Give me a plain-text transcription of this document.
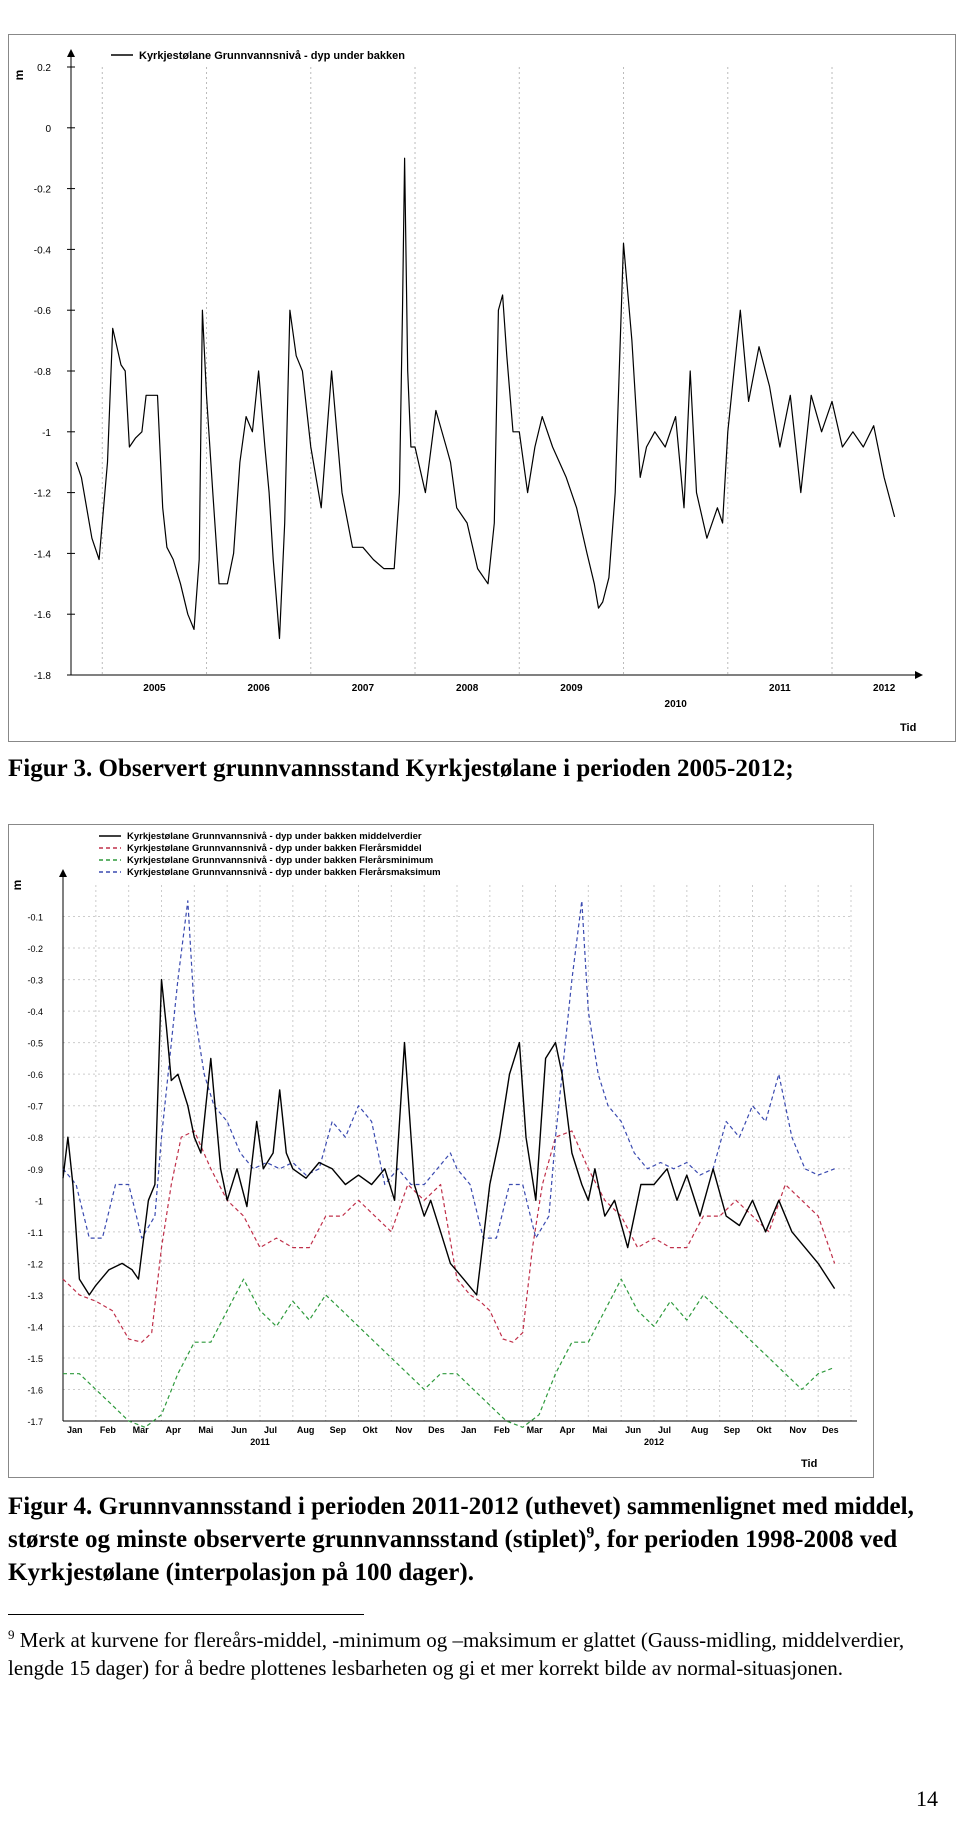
0.2
0
-0.2
-0.4
-0.6
-0.8
-1
-1.2
-1.4
-1.6
-1.8
m
2005	2006	2007	2008	2009
2010
2011	2012
Tid
Kyrkjestølane Grunnvannsnivå - dyp under bakken
Figur 3. Observert grunnvannsstand Kyrkjestølane i perioden 2005-2012;
-0.1
-0.2
-0.3
-0.4
-0.5
-0.6
-0.7
-0.8
-0.9
-1
-1.1
-1.2
-1.3
-1.4
-1.5
-1.6
-1.7
m
Jan Feb Mar Apr Mai Jun Jul Aug Sep Okt Nov Des Jan Feb Mar Apr Mai Jun Jul Aug Sep Okt Nov Des
2011	2012
Tid
Kyrkjestølane Grunnvannsnivå - dyp under bakken middelverdier
Kyrkjestølane Grunnvannsnivå - dyp under bakken Flerårsmiddel
Kyrkjestølane Grunnvannsnivå - dyp under bakken Flerårsminimum
Kyrkjestølane Grunnvannsnivå - dyp under bakken Flerårsmaksimum
Figur 4. Grunnvannsstand i perioden 2011-2012 (uthevet) sammenlignet med middel, største og minste observerte grunnvannsstand (stiplet)$^9$, for perioden 1998-2008 ved Kyrkjestølane (interpolasjon på 100 dager).
$^9$ Merk at kurvene for flereårs-middel, -minimum og –maksimum er glattet (Gauss-midling, middelverdier, lengde 15 dager) for å bedre plottenes lesbarheten og gi et mer korrekt bilde av normal-situasjonen.
14
